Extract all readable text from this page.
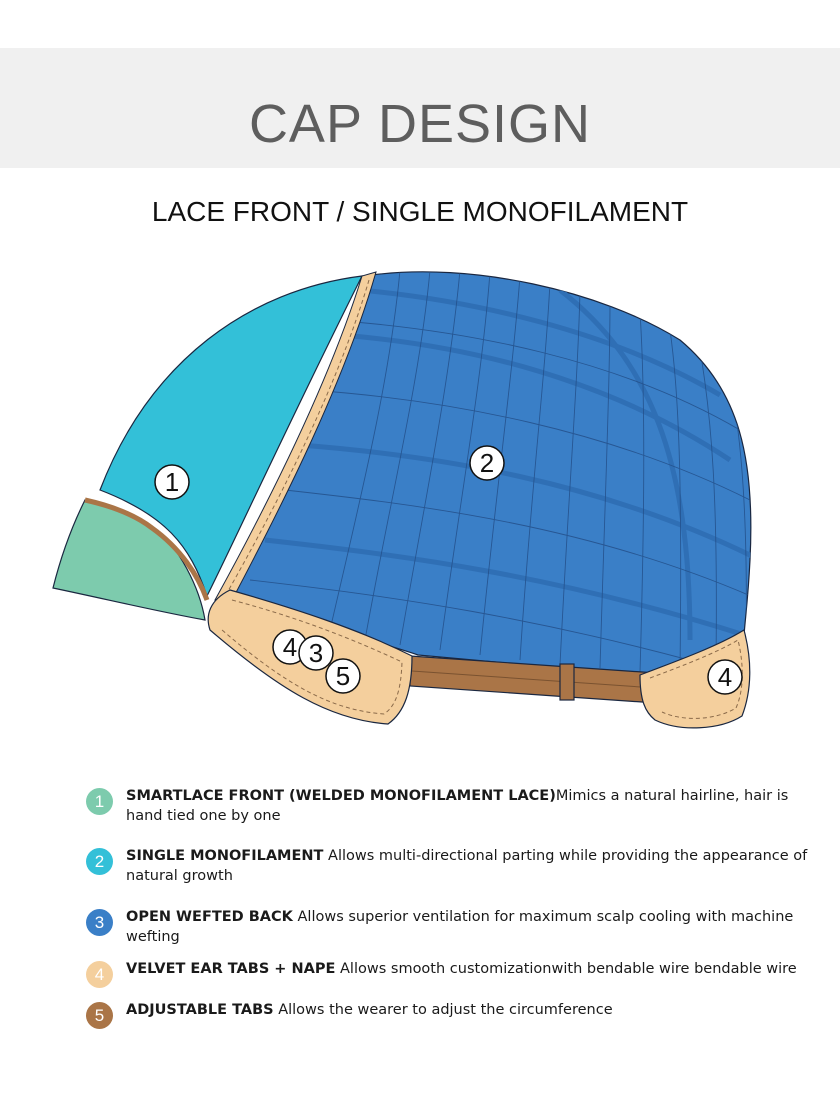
CAP DESIGN
LACE FRONT / SINGLE MONOFILAMENT
1
2
4 3
5	4
1	SMARTLACE FRONT (WELDED MONOFILAMENT LACE)Mimics a natural hairline, hair is hand tied one by one
2	SINGLE MONOFILAMENT Allows multi-directional parting while providing the appearance of natural growth
3	OPEN WEFTED BACK Allows superior ventilation for maximum scalp cooling with machine wefting
4	VELVET EAR TABS + NAPE Allows smooth customizationwith bendable wire bendable wire
5	ADJUSTABLE TABS Allows the wearer to adjust the circumference
